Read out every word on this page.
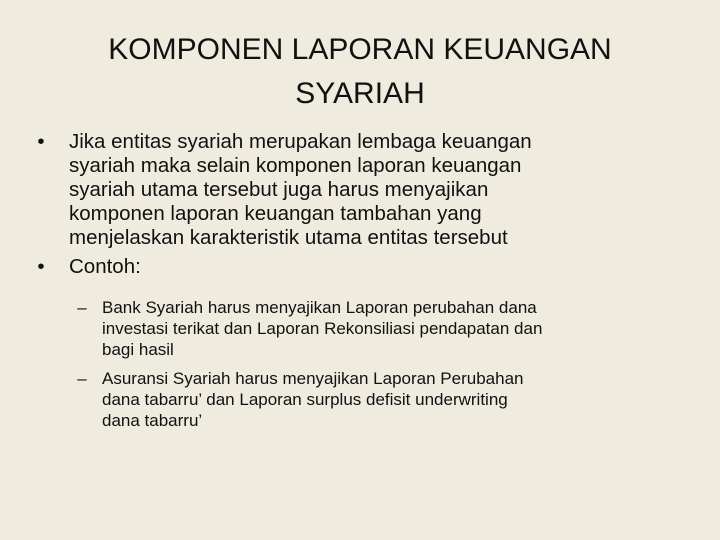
KOMPONEN LAPORAN KEUANGAN
SYARIAH
•	Jika entitas syariah merupakan lembaga keuangan
syariah maka selain komponen laporan keuangan
syariah utama tersebut juga harus menyajikan
komponen laporan keuangan tambahan yang
menjelaskan karakteristik utama entitas tersebut
•	Contoh:
– Bank Syariah harus menyajikan Laporan perubahan dana
investasi terikat dan Laporan Rekonsiliasi pendapatan dan
bagi hasil
– Asuransi Syariah harus menyajikan Laporan Perubahan
dana tabarru’ dan Laporan surplus defisit underwriting
dana tabarru’
